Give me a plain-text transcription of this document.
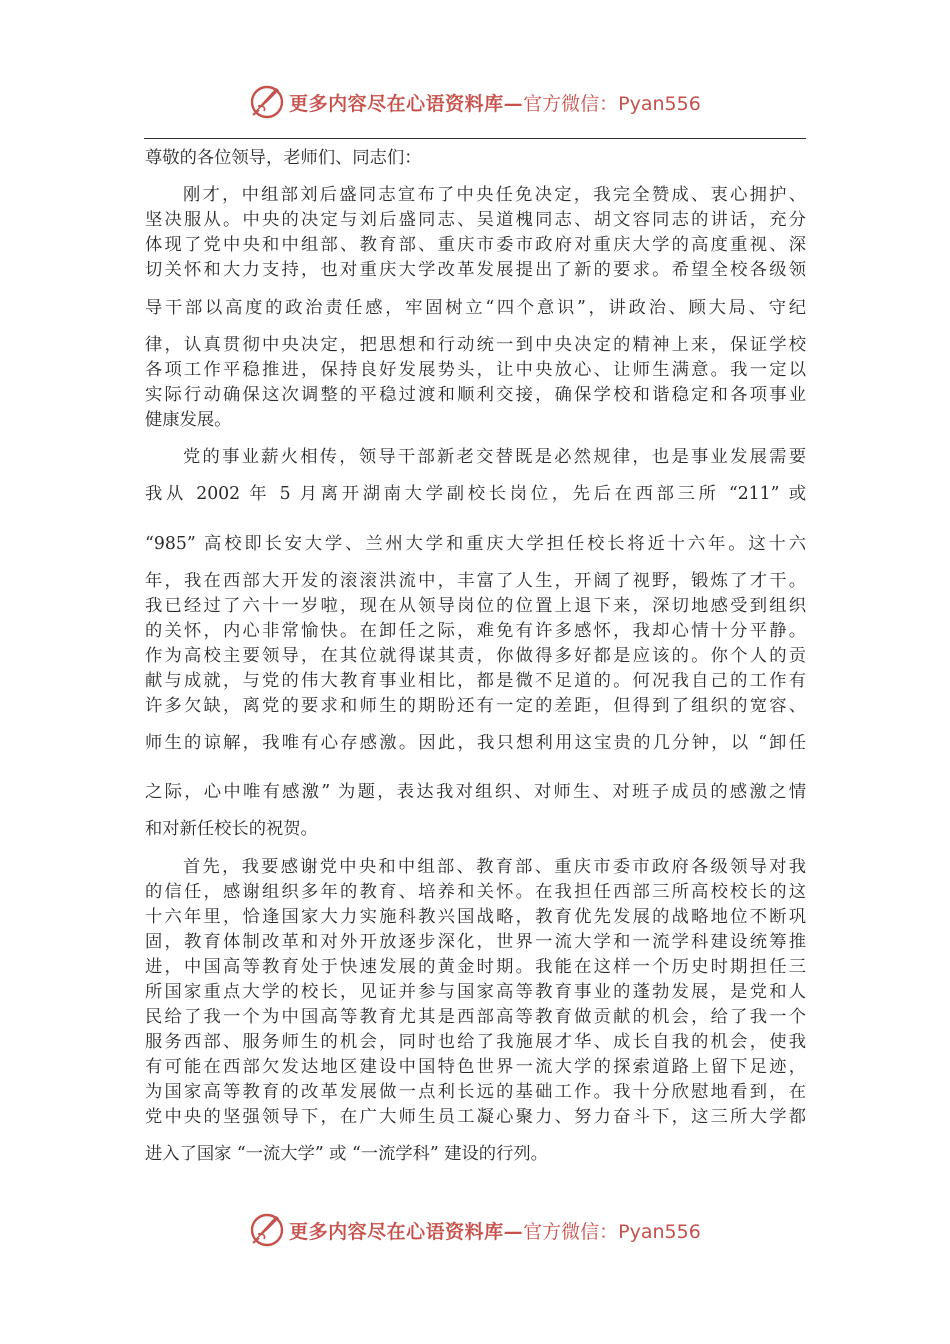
更多内容尽在心语资料库— 官方微信：Pyan556
尊敬的各位领导，老师们、同志们：
刚才，中组部刘后盛同志宣布了中央任免决定，我完全赞成、衷心拥护、
坚决服从。中央的决定与刘后盛同志、吴道槐同志、胡文容同志的讲话，充分
体现了党中央和中组部、教育部、重庆市委市政府对重庆大学的高度重视、深
切关怀和大力支持，也对重庆大学改革发展提出了新的要求。希望全校各级领
导干部以高度的政治责任感，牢固树立“四个意识”，讲政治、顾大局、守纪
律，认真贯彻中央决定，把思想和行动统一到中央决定的精神上来，保证学校
各项工作平稳推进，保持良好发展势头，让中央放心、让师生满意。我一定以
实际行动确保这次调整的平稳过渡和顺利交接，确保学校和谐稳定和各项事业
健康发展。
党的事业薪火相传，领导干部新老交替既是必然规律，也是事业发展需要
我从 2002 年 5 月离开湖南大学副校长岗位，先后在西部三所 “211” 或
“985” 高校即长安大学、兰州大学和重庆大学担任校长将近十六年。这十六
年，我在西部大开发的滚滚洪流中，丰富了人生，开阔了视野，锻炼了才干。
我已经过了六十一岁啦，现在从领导岗位的位置上退下来，深切地感受到组织
的关怀，内心非常愉快。在卸任之际，难免有许多感怀，我却心情十分平静。
作为高校主要领导，在其位就得谋其责，你做得多好都是应该的。你个人的贡
献与成就，与党的伟大教育事业相比，都是微不足道的。何况我自己的工作有
许多欠缺，离党的要求和师生的期盼还有一定的差距，但得到了组织的宽容、
师生的谅解，我唯有心存感激。因此，我只想利用这宝贵的几分钟，以 “卸任
之际，心中唯有感激” 为题，表达我对组织、对师生、对班子成员的感激之情
和对新任校长的祝贺。
首先，我要感谢党中央和中组部、教育部、重庆市委市政府各级领导对我
的信任，感谢组织多年的教育、培养和关怀。在我担任西部三所高校校长的这
十六年里，恰逢国家大力实施科教兴国战略，教育优先发展的战略地位不断巩
固，教育体制改革和对外开放逐步深化，世界一流大学和一流学科建设统筹推
进，中国高等教育处于快速发展的黄金时期。我能在这样一个历史时期担任三
所国家重点大学的校长，见证并参与国家高等教育事业的蓬勃发展，是党和人
民给了我一个为中国高等教育尤其是西部高等教育做贡献的机会，给了我一个
服务西部、服务师生的机会，同时也给了我施展才华、成长自我的机会，使我
有可能在西部欠发达地区建设中国特色世界一流大学的探索道路上留下足迹，
为国家高等教育的改革发展做一点利长远的基础工作。我十分欣慰地看到，在
党中央的坚强领导下，在广大师生员工凝心聚力、努力奋斗下，这三所大学都
进入了国家 “一流大学” 或 “一流学科” 建设的行列。
更多内容尽在心语资料库— 官方微信：Pyan556
